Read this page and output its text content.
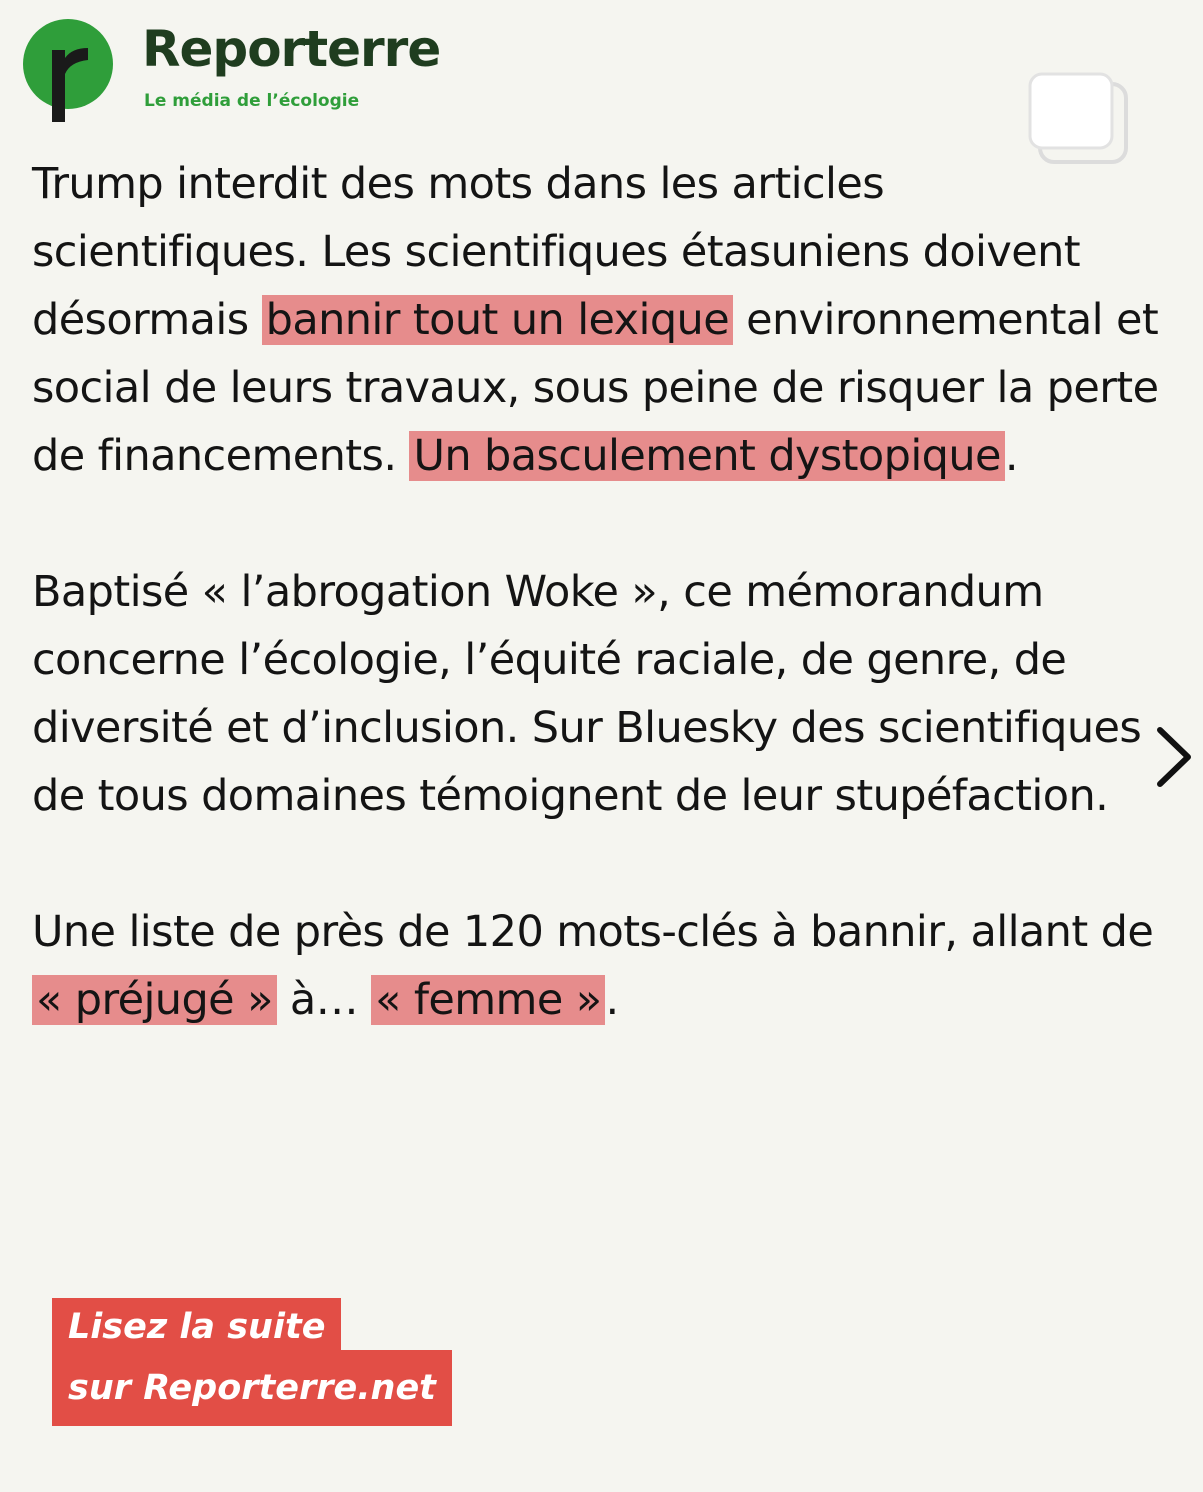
Reporterre
Le média de l’écologie

Trump interdit des mots dans les articles scientifiques. Les scientifiques étasuniens doivent désormais bannir tout un lexique environnemental et social de leurs travaux, sous peine de risquer la perte de financements. Un basculement dystopique.

Baptisé « l’abrogation Woke », ce mémorandum concerne l’écologie, l’équité raciale, de genre, de diversité et d’inclusion. Sur Bluesky des scientifiques de tous domaines témoignent de leur stupéfaction.

Une liste de près de 120 mots-clés à bannir, allant de « préjugé » à… « femme ».

sur Reporterre.net
Lisez la suite
